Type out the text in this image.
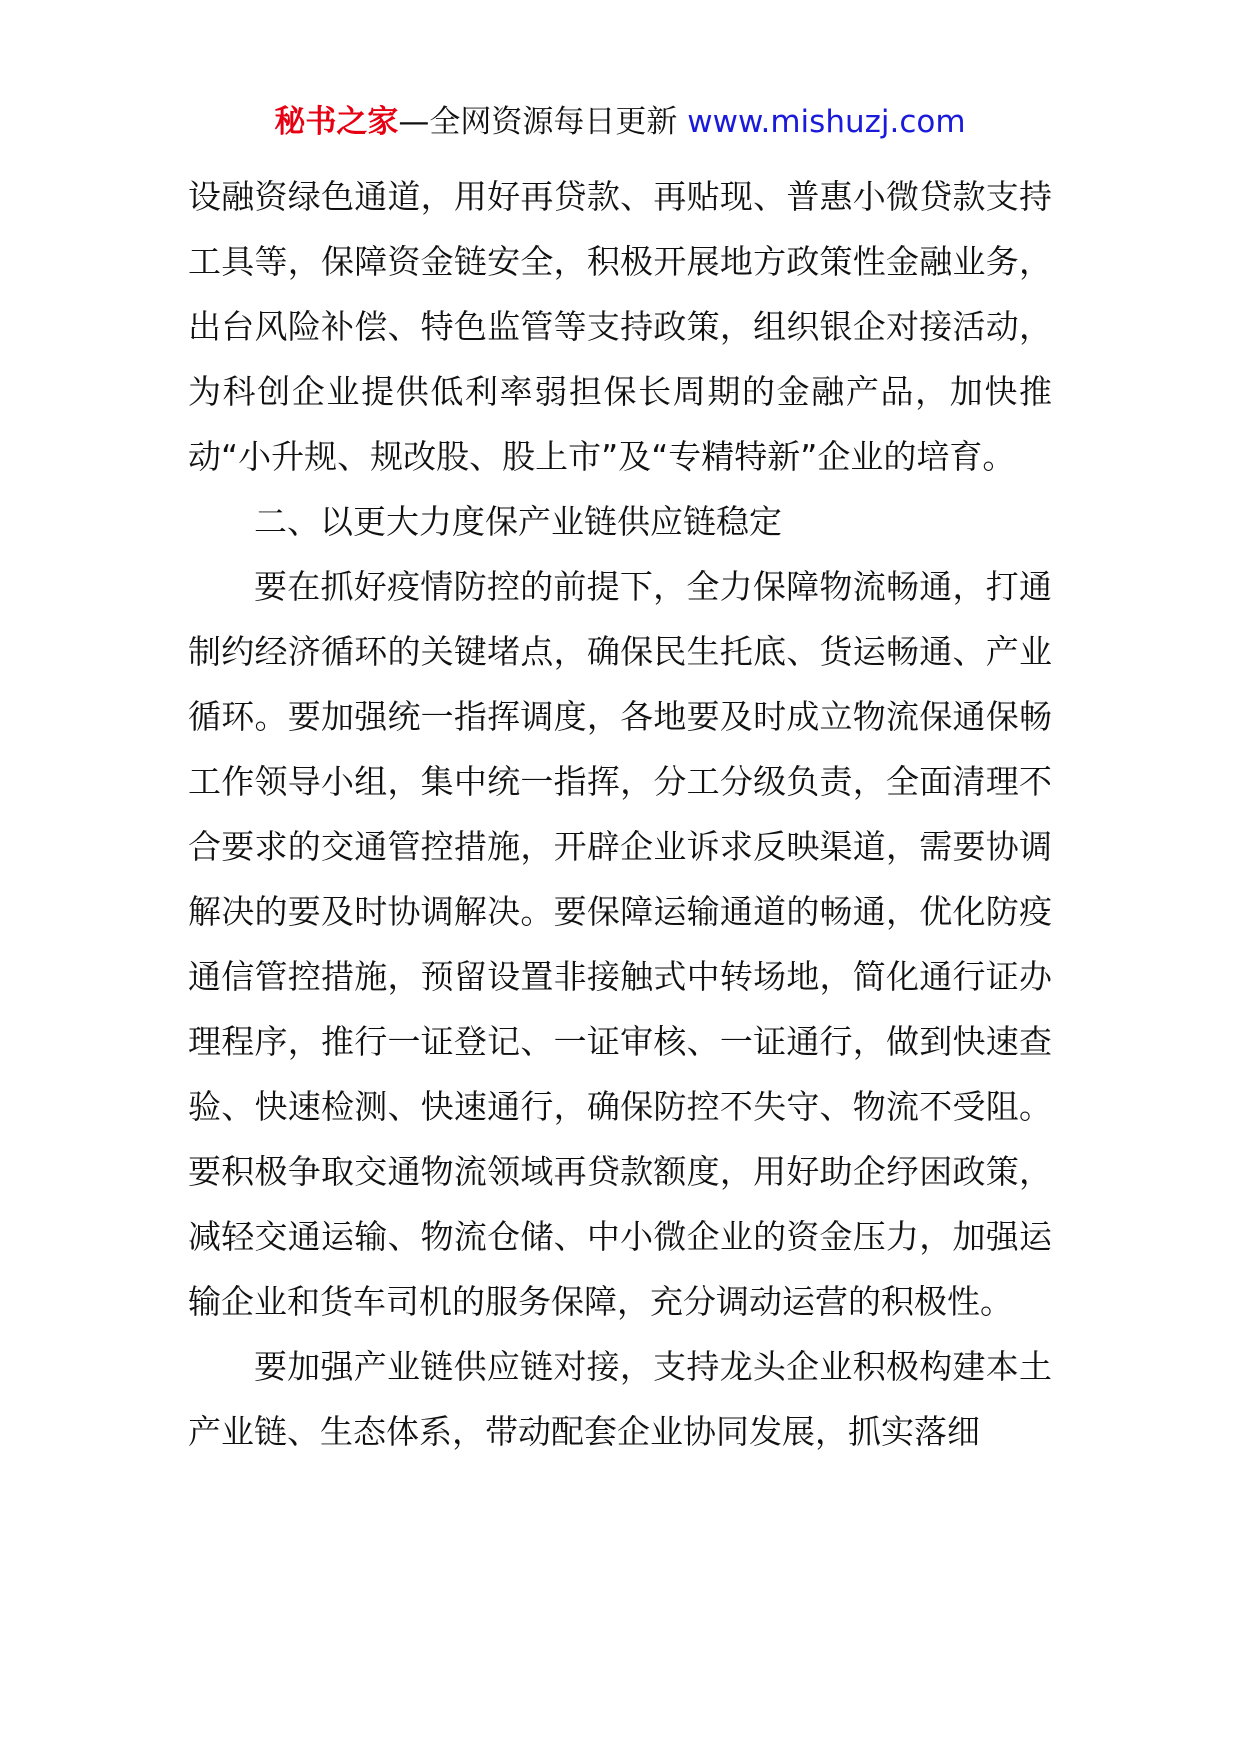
秘书之家—全网资源每日更新 www.mishuzj.com

设融资绿色通道，用好再贷款、再贴现、普惠小微贷款支持工具等，保障资金链安全，积极开展地方政策性金融业务，出台风险补偿、特色监管等支持政策，组织银企对接活动，为科创企业提供低利率弱担保长周期的金融产品，加快推动“小升规、规改股、股上市”及“专精特新”企业的培育。

二、以更大力度保产业链供应链稳定

要在抓好疫情防控的前提下，全力保障物流畅通，打通制约经济循环的关键堵点，确保民生托底、货运畅通、产业循环。要加强统一指挥调度，各地要及时成立物流保通保畅工作领导小组，集中统一指挥，分工分级负责，全面清理不合要求的交通管控措施，开辟企业诉求反映渠道，需要协调解决的要及时协调解决。要保障运输通道的畅通，优化防疫通信管控措施，预留设置非接触式中转场地，简化通行证办理程序，推行一证登记、一证审核、一证通行，做到快速查验、快速检测、快速通行，确保防控不失守、物流不受阻。要积极争取交通物流领域再贷款额度，用好助企纾困政策，减轻交通运输、物流仓储、中小微企业的资金压力，加强运输企业和货车司机的服务保障，充分调动运营的积极性。

要加强产业链供应链对接，支持龙头企业积极构建本土产业链、生态体系，带动配套企业协同发展，抓实落细
